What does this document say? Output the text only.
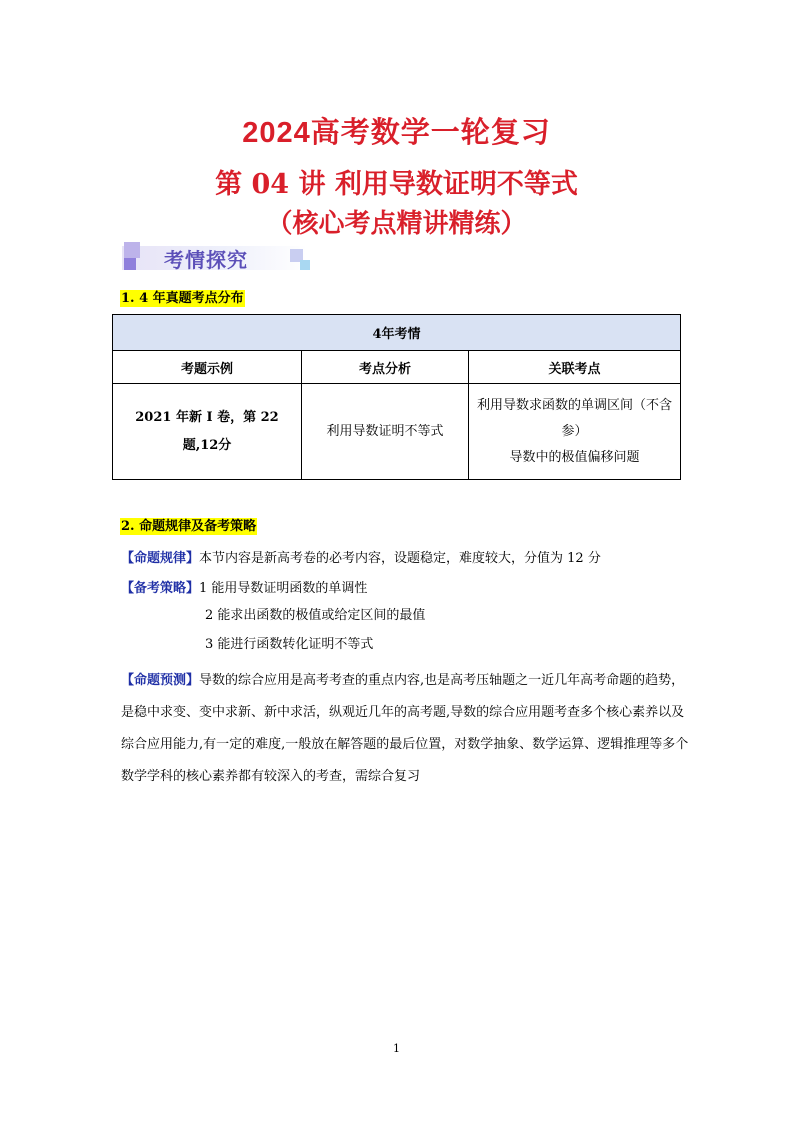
2024高考数学一轮复习
第 04 讲 利用导数证明不等式
（核心考点精讲精练）
考情探究
1. 4 年真题考点分布
4年考情		
考题示例	考点分析	关联考点
2021 年新 I 卷，第 22 题,12分	利用导数证明不等式	利用导数求函数的单调区间（不含参）
导数中的极值偏移问题
2. 命题规律及备考策略
【命题规律】本节内容是新高考卷的必考内容，设题稳定，难度较大，分值为 12 分
【备考策略】1 能用导数证明函数的单调性
2 能求出函数的极值或给定区间的最值
3 能进行函数转化证明不等式
【命题预测】导数的综合应用是高考考查的重点内容,也是高考压轴题之一近几年高考命题的趋势，是稳中求变、变中求新、新中求活，纵观近几年的高考题,导数的综合应用题考查多个核心素养以及综合应用能力,有一定的难度,一般放在解答题的最后位置，对数学抽象、数学运算、逻辑推理等多个数学学科的核心素养都有较深入的考查，需综合复习
1
